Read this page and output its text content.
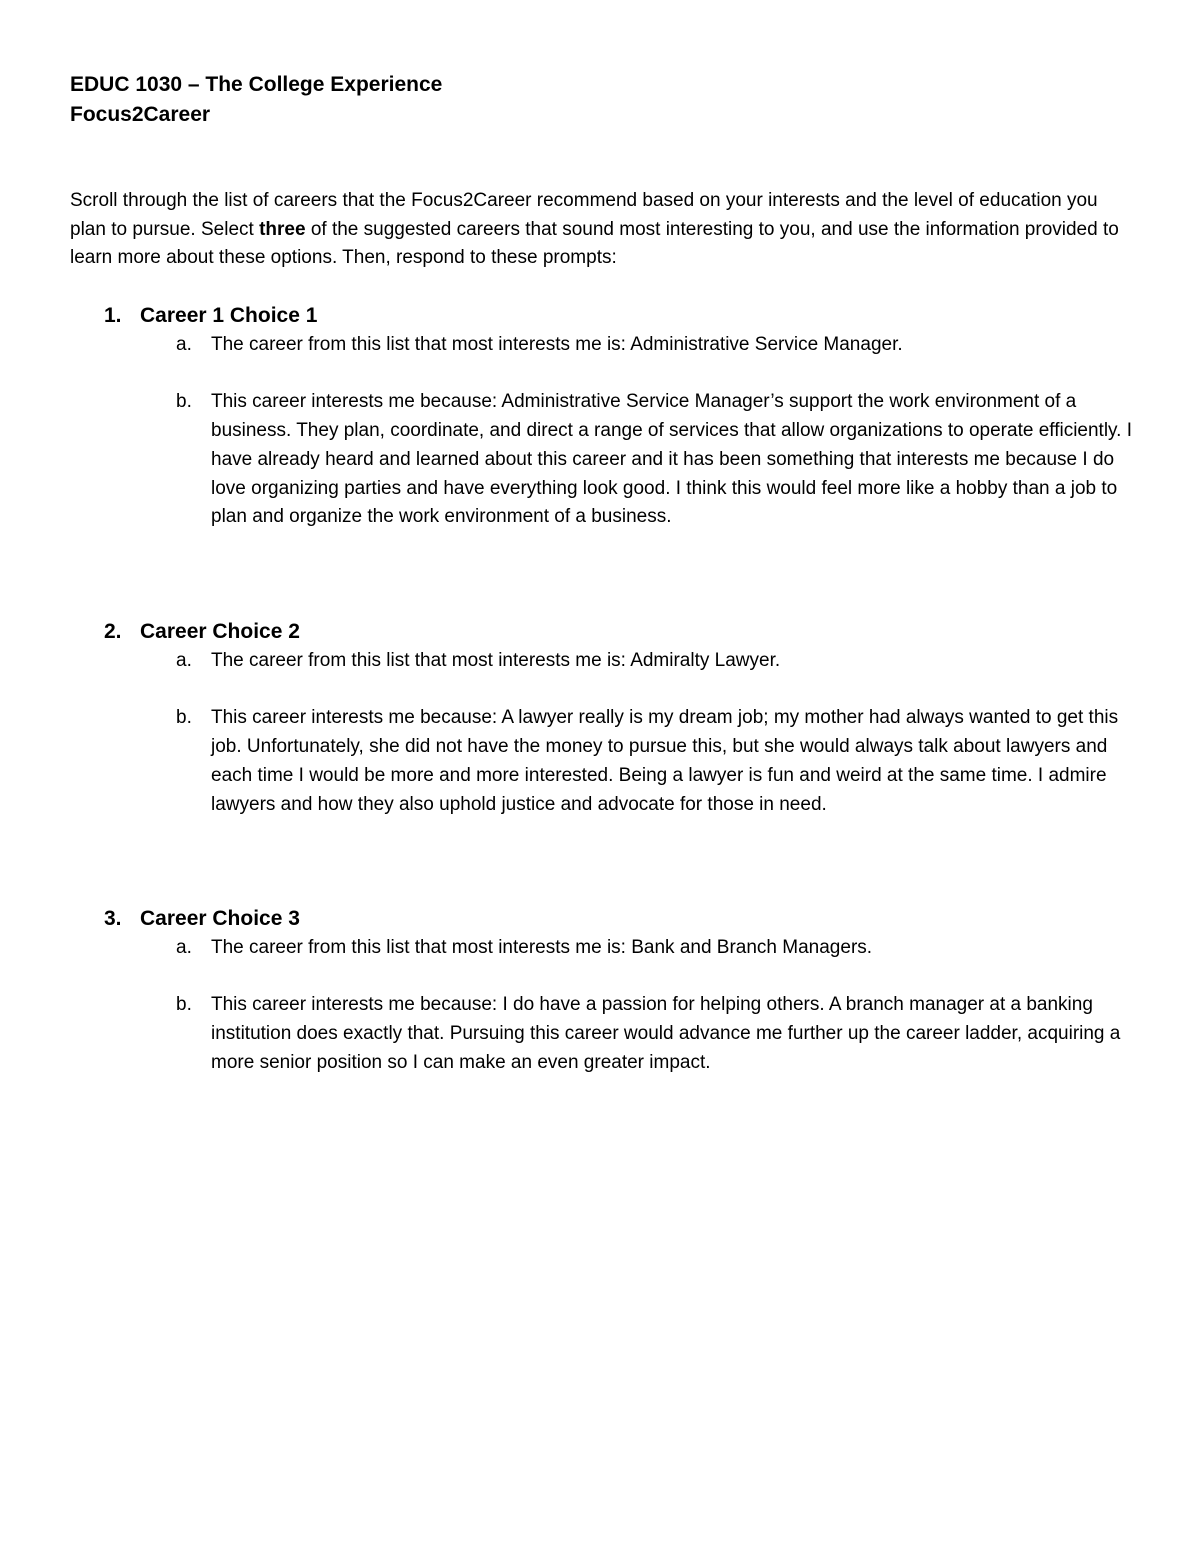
EDUC 1030 – The College Experience
Focus2Career
Scroll through the list of careers that the Focus2Career recommend based on your interests and the level of education you plan to pursue. Select three of the suggested careers that sound most interesting to you, and use the information provided to learn more about these options. Then, respond to these prompts:
1. Career 1 Choice 1
a. The career from this list that most interests me is: Administrative Service Manager.
b. This career interests me because: Administrative Service Manager’s support the work environment of a business. They plan, coordinate, and direct a range of services that allow organizations to operate efficiently. I have already heard and learned about this career and it has been something that interests me because I do love organizing parties and have everything look good. I think this would feel more like a hobby than a job to plan and organize the work environment of a business.
2. Career Choice 2
a. The career from this list that most interests me is: Admiralty Lawyer.
b. This career interests me because: A lawyer really is my dream job; my mother had always wanted to get this job. Unfortunately, she did not have the money to pursue this, but she would always talk about lawyers and each time I would be more and more interested. Being a lawyer is fun and weird at the same time. I admire lawyers and how they also uphold justice and advocate for those in need.
3. Career Choice 3
a. The career from this list that most interests me is: Bank and Branch Managers.
b. This career interests me because: I do have a passion for helping others. A branch manager at a banking institution does exactly that. Pursuing this career would advance me further up the career ladder, acquiring a more senior position so I can make an even greater impact.
